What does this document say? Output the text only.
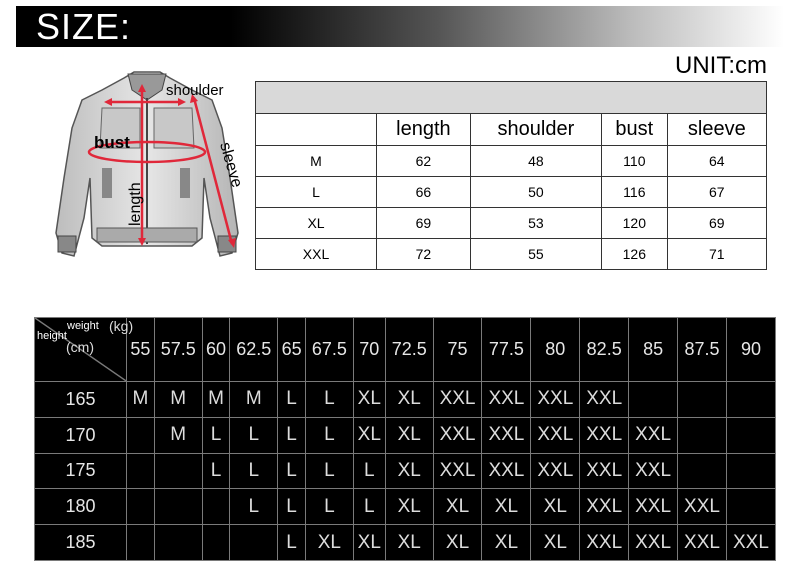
SIZE:
UNIT:cm
shoulder
bust
length
sleeve

	length	shoulder	bust	sleeve
M	62	48	110	64
L	66	50	116	67
XL	69	53	120	69
XXL	72	55	126	71
weight (kg)
height
(cm)	55	57.5	60	62.5	65	67.5	70	72.5	75	77.5	80	82.5	85	87.5	90
165	M	M	M	M	L	L	XL	XL	XXL	XXL	XXL	XXL			
170		M	L	L	L	L	XL	XL	XXL	XXL	XXL	XXL	XXL		
175			L	L	L	L	L	XL	XXL	XXL	XXL	XXL	XXL		
180				L	L	L	L	XL	XL	XL	XL	XXL	XXL	XXL	
185					L	XL	XL	XL	XL	XL	XL	XXL	XXL	XXL	XXL
